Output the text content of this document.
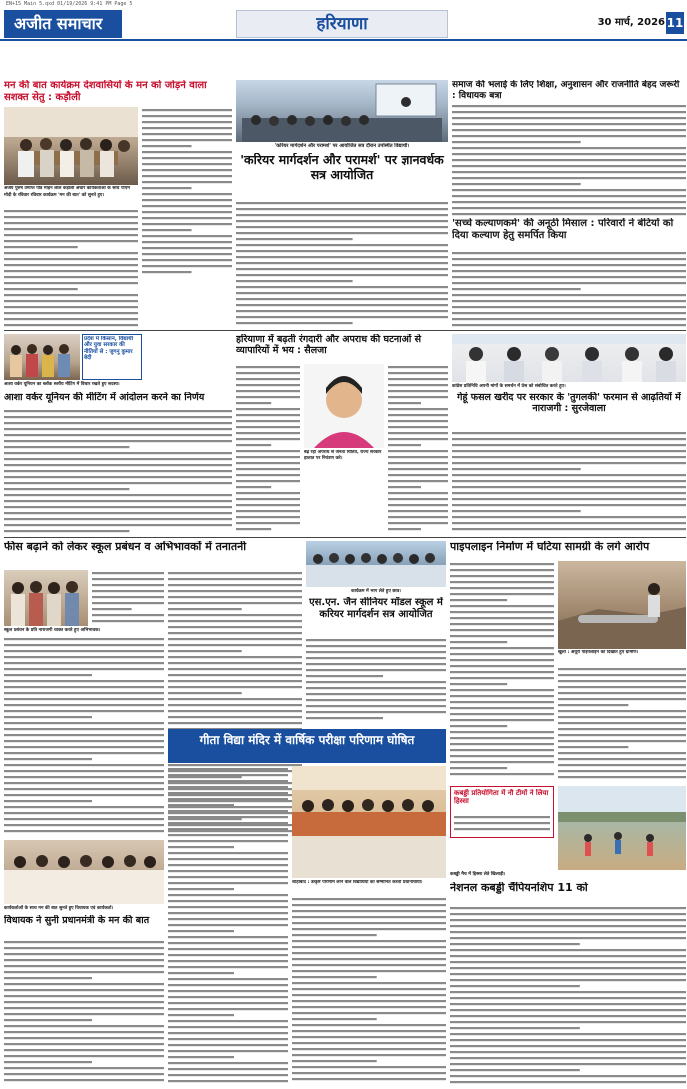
EN+15 Main 5.qxd 01/19/2026 9:41 PM Page 5
अजीत समाचार	हरियाणा	30 मार्च, 2026 11
मन की बात कार्यक्रम देशवासियों के मन को जोड़ने वाला सशक्त सेतु : कड़ौली
अजय पुरुष उमाप्त पोंडे मोहन लाल कड़ौली अचार कार्यकर्ताओं के साथ पीएम मोदी के रविवार रविवार कार्यक्रम 'मन की बात' को सुनते हुए।
'करियर मार्गदर्शन और परामर्श' पर आयोजित सत्र दौरान उपस्थित विद्यार्थी।
'करियर मार्गदर्शन और परामर्श' पर ज्ञानवर्धक सत्र आयोजित
समाज की भलाई के लिए शिक्षा, अनुशासन और राजनीति बेहद जरूरी : विधायक बत्रा
'सच्चे कल्याणकर्म' की अनूठी मिसाल : परिवारों ने बेटियों को दिया कल्याण हेतु समर्पित किया
प्रदेश में किसान, विद्यार्थी और युवा सरकार की नीतियों से : जुगनू कुमार बेदी
आशा वर्कर यूनियन का ब्लॉक स्तरीय मीटिंग में विचार रखते हुए सदस्य।
आशा वर्कर यूनियन की मीटिंग में आंदोलन करने का निर्णय
हरियाणा में बढ़ती रंगदारी और अपराध की घटनाओं से व्यापारियों में भय : सैलजा
बढ़ रहा अपराध से जनता चिंतित, राज्य सरकार हालात पर नियंत्रण करे।
कांग्रेस प्रतिनिधि अपनी मांगों के समर्थन में प्रेस को संबोधित करते हुए।
गेहूं फसल खरीद पर सरकार के 'तुगलकी' फरमान से आढ़तियों में नाराजगी : सुरजेवाला
फीस बढ़ाने को लेकर स्कूल प्रबंधन व अभिभावकों में तनातनी
स्कूल प्रबंधन के प्रति नाराजगी व्यक्त करते हुए अभिभावक।
कार्यक्रम में भाग लेते हुए छात्र।
एस.एन. जैन सीनियर मॉडल स्कूल में करियर मार्गदर्शन सत्र आयोजित
पाइपलाइन निर्माण में घटिया सामग्री के लगे आरोप
खुला : अधूरी पाइपलाइन को दिखाते हुए ग्रामीण।
गीता विद्या मंदिर में वार्षिक परीक्षा परिणाम घोषित
शाहाबाद : उत्कृष्ट परिणाम लाने वाले विद्यार्थियों को सम्मानित करती प्रधानाचार्या।
कबड्डी प्रतियोगिता में नौ टीमों ने लिया हिस्सा
कबड्डी मैच में हिस्सा लेते खिलाड़ी।
नेशनल कबड्डी चैंपियनशिप 11 को
कार्यकर्ताओं के साथ मन की बात सुनते हुए विधायक एवं कार्यकर्ता।
विधायक ने सुनी प्रधानमंत्री के मन की बात
